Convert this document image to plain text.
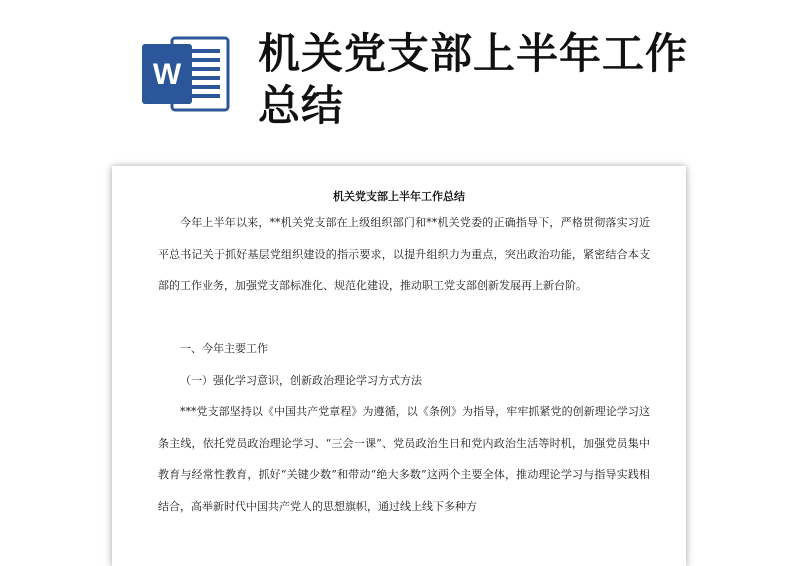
W 机关党支部上半年工作总结
机关党支部上半年工作总结

今年上半年以来，**机关党支部在上级组织部门和**机关党委的正确指导下，严格贯彻落实习近平总书记关于抓好基层党组织建设的指示要求，以提升组织力为重点，突出政治功能，紧密结合本支部的工作业务，加强党支部标准化、规范化建设，推动职工党支部创新发展再上新台阶。

一、今年主要工作

（一）强化学习意识，创新政治理论学习方式方法

***党支部坚持以《中国共产党章程》为遵循，以《条例》为指导，牢牢抓紧党的创新理论学习这条主线，依托党员政治理论学习、“三会一课”、党员政治生日和党内政治生活等时机，加强党员集中教育与经常性教育，抓好“关键少数”和带动“绝大多数”这两个主要全体，推动理论学习与指导实践相结合，高举新时代中国共产党人的思想旗帜，通过线上线下多种方
